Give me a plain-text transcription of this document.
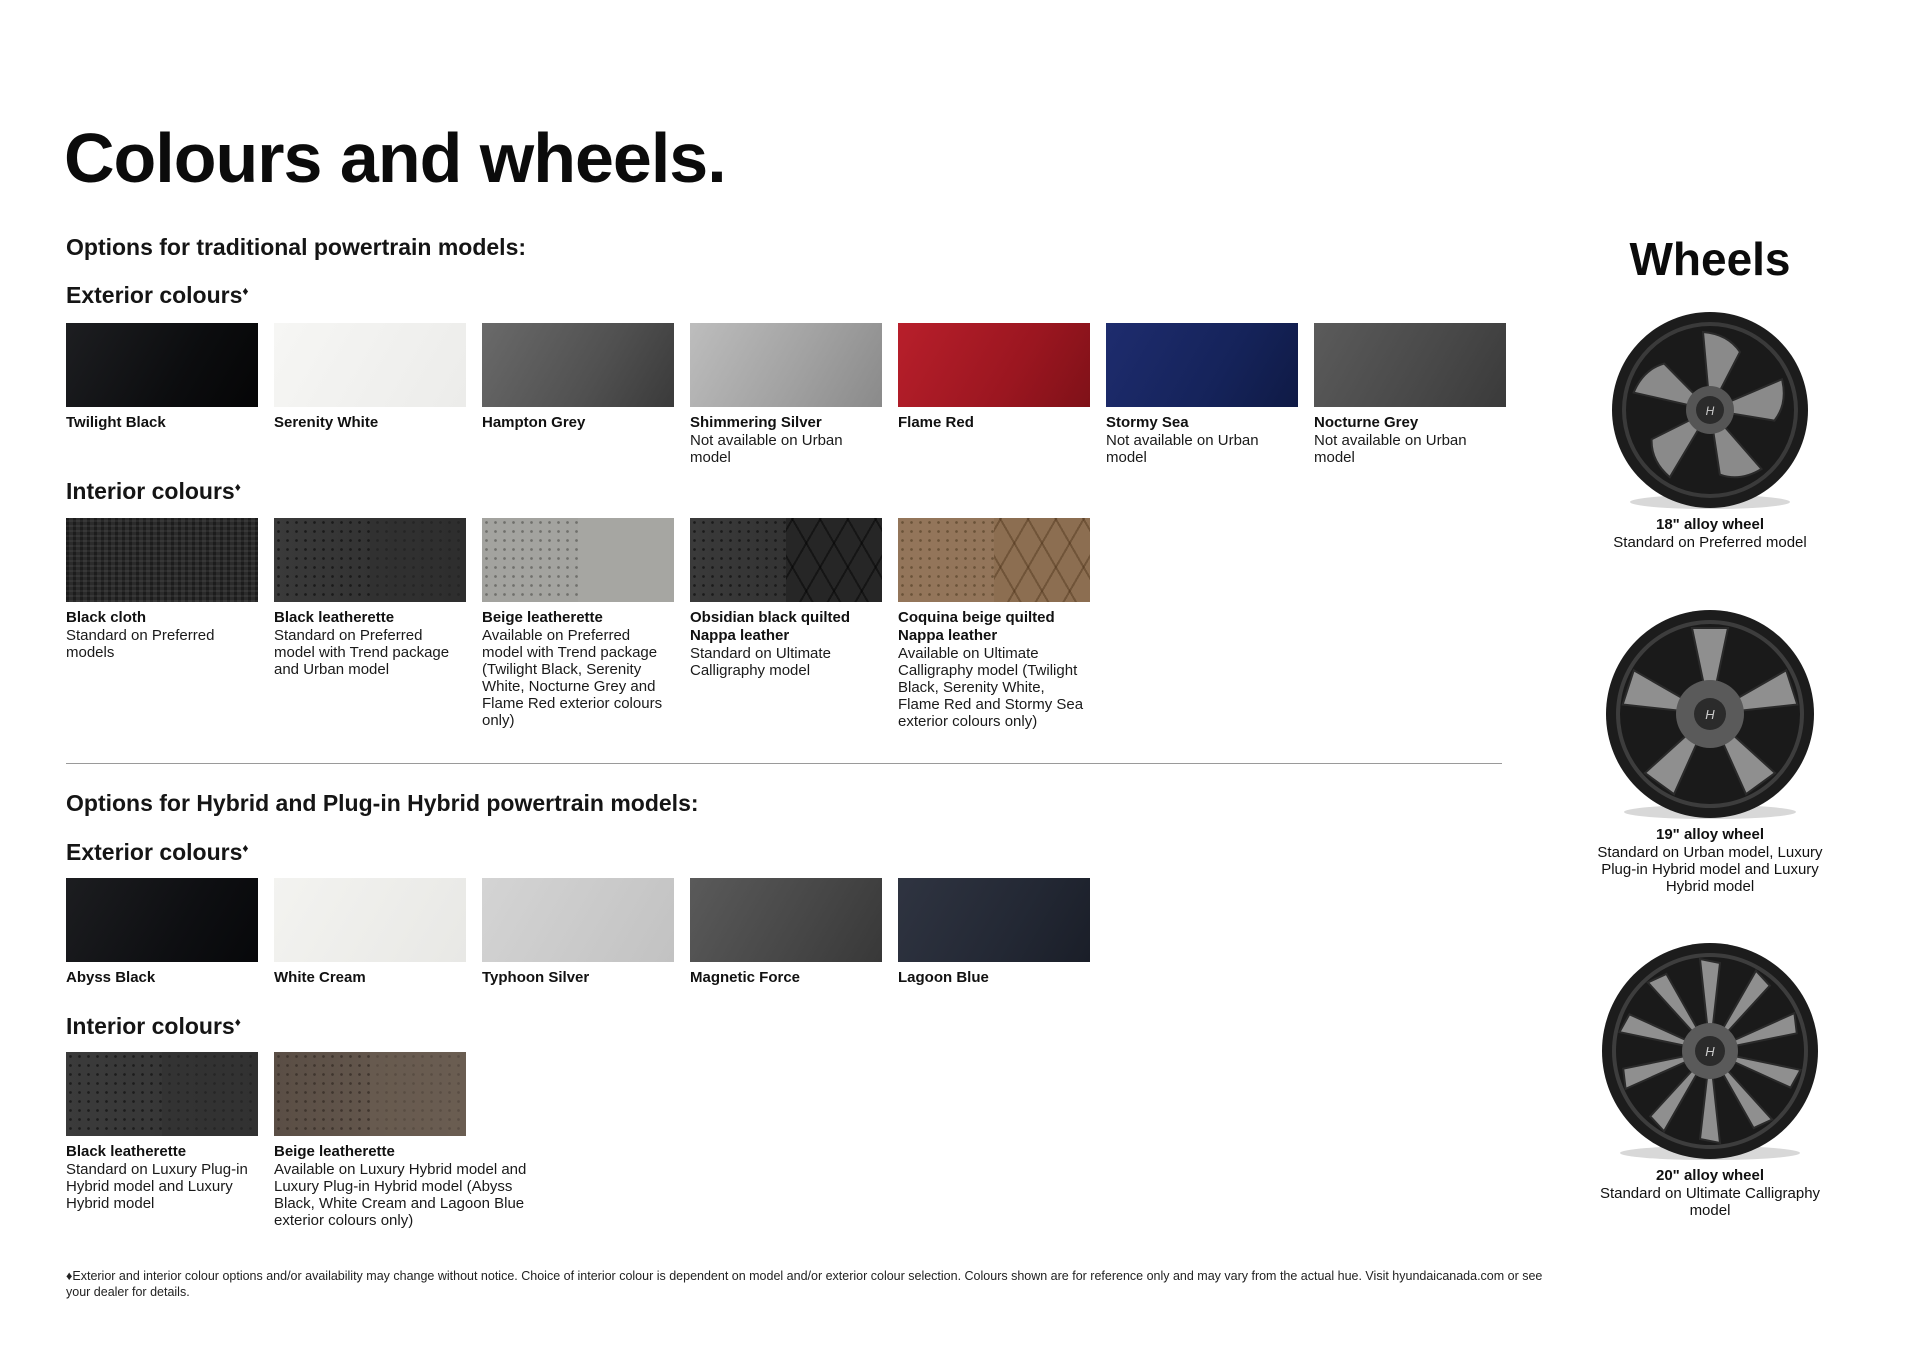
Colours and wheels.
Options for traditional powertrain models:
Exterior colours♦
Twilight Black	Serenity White	Hampton Grey	Shimmering Silver
Not available on Urban model
Flame Red	Stormy Sea
Not available on Urban model
Nocturne Grey
Not available on Urban model
Interior colours♦
Black cloth
Standard on Preferred models
Black leatherette
Standard on Preferred model with Trend package and Urban model
Beige leatherette
Available on Preferred model with Trend package (Twilight Black, Serenity White, Nocturne Grey and Flame Red exterior colours only)
Obsidian black quilted Nappa leather
Standard on Ultimate Calligraphy model
Coquina beige quilted Nappa leather
Available on Ultimate Calligraphy model (Twilight Black, Serenity White, Flame Red and Stormy Sea exterior colours only)
Options for Hybrid and Plug-in Hybrid powertrain models:
Exterior colours♦
Abyss Black	White Cream	Typhoon Silver	Magnetic Force	Lagoon Blue
Interior colours♦
Black leatherette
Standard on Luxury Plug-in Hybrid model and Luxury Hybrid model
Beige leatherette
Available on Luxury Hybrid model and Luxury Plug-in Hybrid model (Abyss Black, White Cream and Lagoon Blue exterior colours only)
Wheels
H
18" alloy wheel
Standard on Preferred model
H
19" alloy wheel
Standard on Urban model, Luxury Plug-in Hybrid model and Luxury Hybrid model
H
20" alloy wheel
Standard on Ultimate Calligraphy model
♦Exterior and interior colour options and/or availability may change without notice. Choice of interior colour is dependent on model and/or exterior colour selection. Colours shown are for reference only and may vary from the actual hue. Visit hyundaicanada.com or see your dealer for details.
